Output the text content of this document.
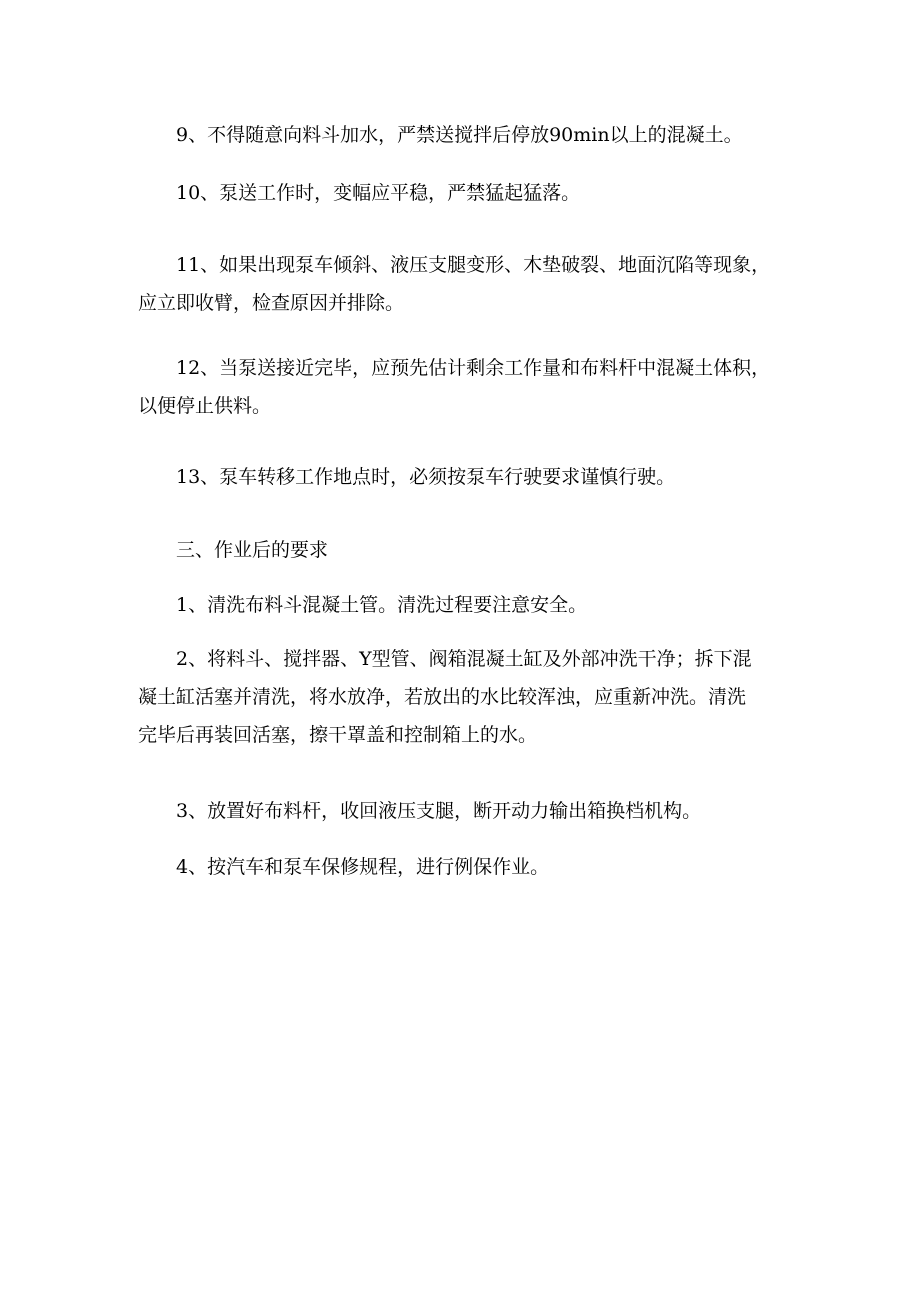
9、不得随意向料斗加水，严禁送搅拌后停放90min以上的混凝土。

10、泵送工作时，变幅应平稳，严禁猛起猛落。

11、如果出现泵车倾斜、液压支腿变形、木垫破裂、地面沉陷等现象，
应立即收臂，检查原因并排除。

12、当泵送接近完毕，应预先估计剩余工作量和布料杆中混凝土体积，
以便停止供料。

13、泵车转移工作地点时，必须按泵车行驶要求谨慎行驶。

三、作业后的要求

1、清洗布料斗混凝土管。清洗过程要注意安全。

2、将料斗、搅拌器、Y型管、阀箱混凝土缸及外部冲洗干净；拆下混
凝土缸活塞并清洗，将水放净，若放出的水比较浑浊，应重新冲洗。清洗
完毕后再装回活塞，擦干罩盖和控制箱上的水。

3、放置好布料杆，收回液压支腿，断开动力输出箱换档机构。

4、按汽车和泵车保修规程，进行例保作业。
